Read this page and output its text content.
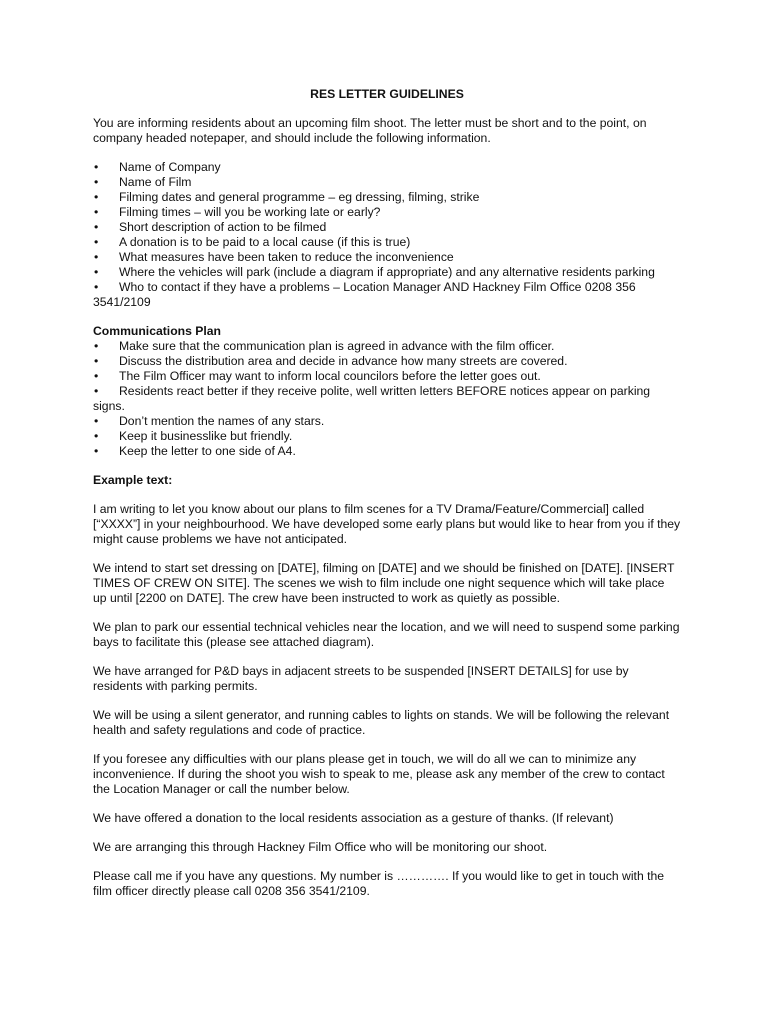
RES LETTER GUIDELINES

You are informing residents about an upcoming film shoot. The letter must be short and to the point, on company headed notepaper, and should include the following information.

•	Name of Company
•	Name of Film
•	Filming dates and general programme – eg dressing, filming, strike
•	Filming times – will you be working late or early?
•	Short description of action to be filmed
•	A donation is to be paid to a local cause (if this is true)
•	What measures have been taken to reduce the inconvenience
•	Where the vehicles will park (include a diagram if appropriate) and any alternative residents parking
•	Who to contact if they have a problems – Location Manager AND Hackney Film Office 0208 356 3541/2109

Communications Plan

•	Make sure that the communication plan is agreed in advance with the film officer.
•	Discuss the distribution area and decide in advance how many streets are covered.
•	The Film Officer may want to inform local councilors before the letter goes out.
•	Residents react better if they receive polite, well written letters BEFORE notices appear on parking signs.
•	Don’t mention the names of any stars.
•	Keep it businesslike but friendly.
•	Keep the letter to one side of A4.

Example text:

I am writing to let you know about our plans to film scenes for a TV Drama/Feature/Commercial] called [“XXXX”] in your neighbourhood. We have developed some early plans but would like to hear from you if they might cause problems we have not anticipated.

We intend to start set dressing on [DATE], filming on [DATE] and we should be finished on [DATE]. [INSERT TIMES OF CREW ON SITE]. The scenes we wish to film include one night sequence which will take place up until [2200 on DATE]. The crew have been instructed to work as quietly as possible.

We plan to park our essential technical vehicles near the location, and we will need to suspend some parking bays to facilitate this (please see attached diagram).

We have arranged for P&D bays in adjacent streets to be suspended [INSERT DETAILS] for use by residents with parking permits.

We will be using a silent generator, and running cables to lights on stands. We will be following the relevant health and safety regulations and code of practice.

If you foresee any difficulties with our plans please get in touch, we will do all we can to minimize any inconvenience. If during the shoot you wish to speak to me, please ask any member of the crew to contact the Location Manager or call the number below.

We have offered a donation to the local residents association as a gesture of thanks. (If relevant)

We are arranging this through Hackney Film Office who will be monitoring our shoot.

Please call me if you have any questions. My number is …………. If you would like to get in touch with the film officer directly please call 0208 356 3541/2109.
